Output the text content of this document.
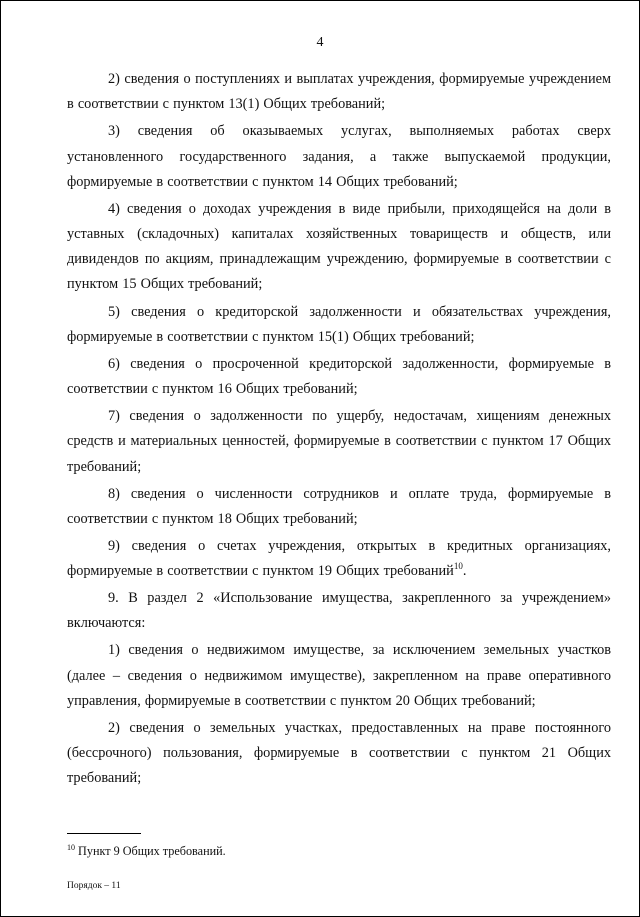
4

2) сведения о поступлениях и выплатах учреждения, формируемые учреждением в соответствии с пунктом 13(1) Общих требований;

3) сведения об оказываемых услугах, выполняемых работах сверх установленного государственного задания, а также выпускаемой продукции, формируемые в соответствии с пунктом 14 Общих требований;

4) сведения о доходах учреждения в виде прибыли, приходящейся на доли в уставных (складочных) капиталах хозяйственных товариществ и обществ, или дивидендов по акциям, принадлежащим учреждению, формируемые в соответствии с пунктом 15 Общих требований;

5) сведения о кредиторской задолженности и обязательствах учреждения, формируемые в соответствии с пунктом 15(1) Общих требований;

6) сведения о просроченной кредиторской задолженности, формируемые в соответствии с пунктом 16 Общих требований;

7) сведения о задолженности по ущербу, недостачам, хищениям денежных средств и материальных ценностей, формируемые в соответствии с пунктом 17 Общих требований;

8) сведения о численности сотрудников и оплате труда, формируемые в соответствии с пунктом 18 Общих требований;

9) сведения о счетах учреждения, открытых в кредитных организациях, формируемые в соответствии с пунктом 19 Общих требований$^{10}$.

9. В раздел 2 «Использование имущества, закрепленного за учреждением» включаются:

1) сведения о недвижимом имуществе, за исключением земельных участков (далее – сведения о недвижимом имуществе), закрепленном на праве оперативного управления, формируемые в соответствии с пунктом 20 Общих требований;

2) сведения о земельных участках, предоставленных на праве постоянного (бессрочного) пользования, формируемые в соответствии с пунктом 21 Общих требований;

$^{10}$ Пункт 9 Общих требований.
Порядок – 11
